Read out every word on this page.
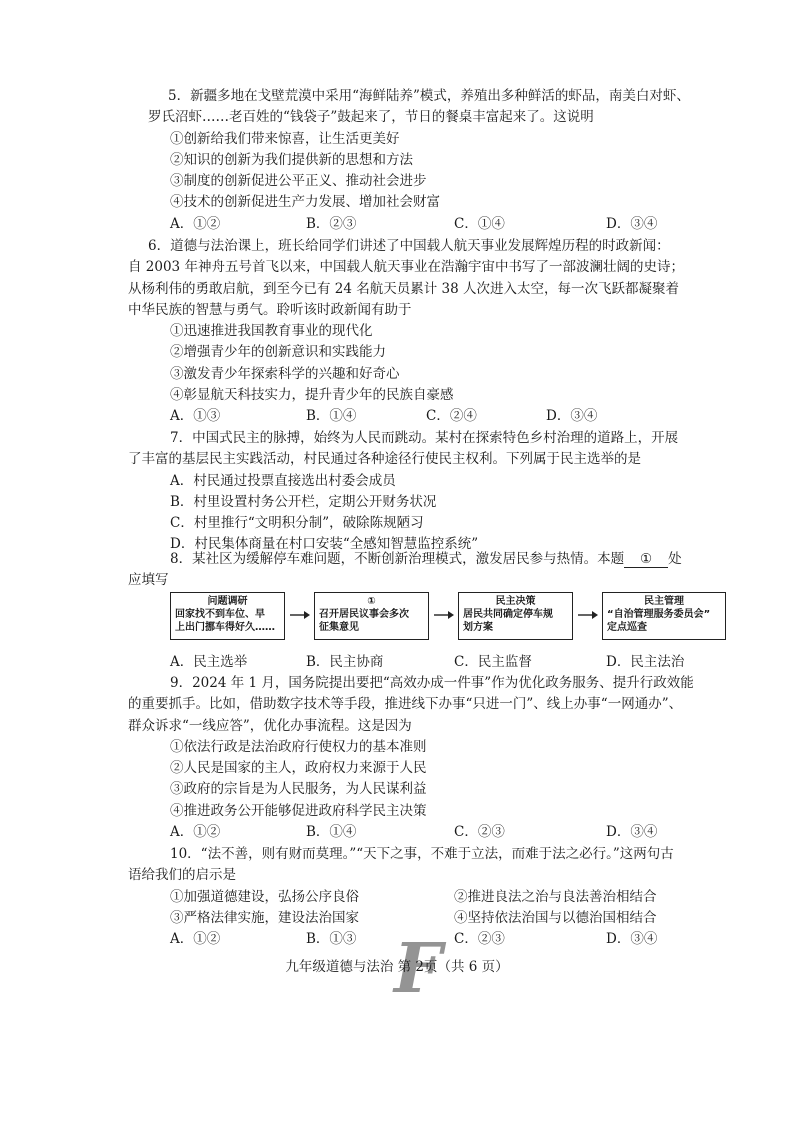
5．新疆多地在戈壁荒漠中采用“海鲜陆养”模式，养殖出多种鲜活的虾品，南美白对虾、
罗氏沼虾……老百姓的“钱袋子”鼓起来了，节日的餐桌丰富起来了。这说明
①创新给我们带来惊喜，让生活更美好
②知识的创新为我们提供新的思想和方法
③制度的创新促进公平正义、推动社会进步
④技术的创新促进生产力发展、增加社会财富
A．①②	B．②③	C．①④	D．③④
6．道德与法治课上，班长给同学们讲述了中国载人航天事业发展辉煌历程的时政新闻：
自 2003 年神舟五号首飞以来，中国载人航天事业在浩瀚宇宙中书写了一部波澜壮阔的史诗；
从杨利伟的勇敢启航，到至今已有 24 名航天员累计 38 人次进入太空，每一次飞跃都凝聚着
中华民族的智慧与勇气。聆听该时政新闻有助于
①迅速推进我国教育事业的现代化
②增强青少年的创新意识和实践能力
③激发青少年探索科学的兴趣和好奇心
④彰显航天科技实力，提升青少年的民族自豪感
A．①③	B．①④	C．②④	D．③④
7．中国式民主的脉搏，始终为人民而跳动。某村在探索特色乡村治理的道路上，开展
了丰富的基层民主实践活动，村民通过各种途径行使民主权利。下列属于民主选举的是
A．村民通过投票直接选出村委会成员
B．村里设置村务公开栏，定期公开财务状况
C．村里推行“文明积分制”，破除陈规陋习
D．村民集体商量在村口安装“全感知智慧监控系统”
8．某社区为缓解停车难问题，不断创新治理模式，激发居民参与热情。本题 ① 处
应填写
问题调研
回家找不到车位、早
上出门挪车得好久……
①
召开居民议事会多次
征集意见
民主决策
居民共同确定停车规
划方案
民主管理
“自治管理服务委员会”
定点巡查
A．民主选举	B．民主协商	C．民主监督	D．民主法治
9．2024 年 1 月，国务院提出要把“高效办成一件事”作为优化政务服务、提升行政效能
的重要抓手。比如，借助数字技术等手段，推进线下办事“只进一门”、线上办事“一网通办”、
群众诉求“一线应答”，优化办事流程。这是因为
①依法行政是法治政府行使权力的基本准则
②人民是国家的主人，政府权力来源于人民
③政府的宗旨是为人民服务，为人民谋利益
④推进政务公开能够促进政府科学民主决策
A．①②	B．①④	C．②③	D．③④
10．“法不善，则有财而莫理。”“天下之事，不难于立法，而难于法之必行。”这两句古
语给我们的启示是
①加强道德建设，弘扬公序良俗	②推进良法之治与良法善治相结合
③严格法律实施，建设法治国家	④坚持依法治国与以德治国相结合
A．①②	B．①③	C．②③	D．③④
F
九年级道德与法治 第 2页（共 6 页）
